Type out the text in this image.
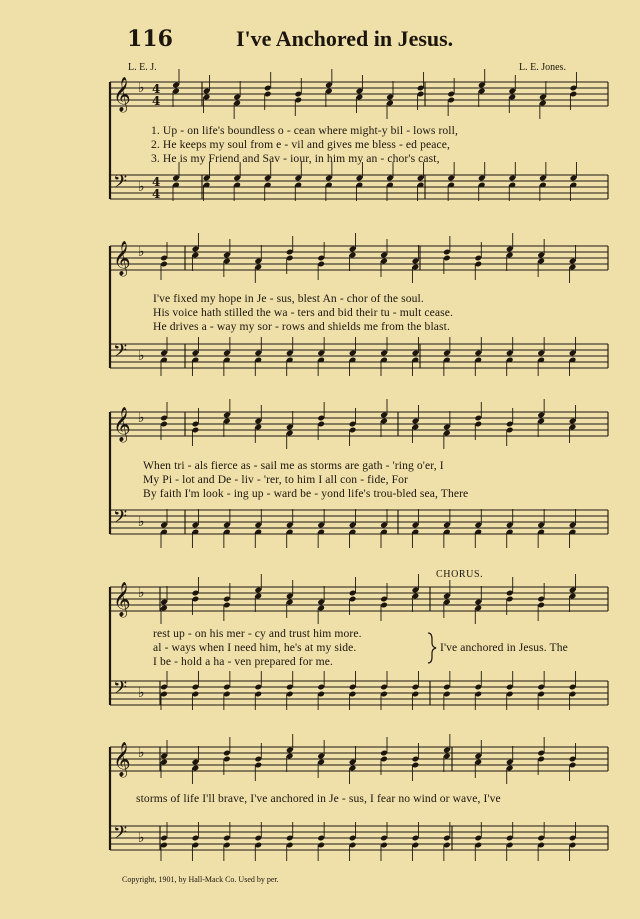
116	I've Anchored in Jesus.
L. E. J.	L. E. Jones.
1. Up - on life's boundless o - cean where might-y bil - lows roll,
2. He keeps my soul from e - vil and gives me bless - ed peace,
3. He is my Friend and Sav - iour, in him my an - chor's cast,
I've fixed my hope in Je - sus, blest An - chor of the soul.
His voice hath stilled the wa - ters and bid their tu - mult cease.
He drives a - way my sor - rows and shields me from the blast.
When tri - als fierce as - sail me as storms are gath - 'ring o'er, I
My Pi - lot and De - liv - 'rer, to him I all con - fide, For
By faith I'm look - ing up - ward be - yond life's trou-bled sea, There
CHORUS.
rest up - on his mer - cy and trust him more.
al - ways when I need him, he's at my side.
I be - hold a ha - ven prepared for me.
I've anchored in Jesus. The
storms of life I'll brave, I've anchored in Je - sus, I fear no wind or wave, I've
Copyright, 1901, by Hall-Mack Co. Used by per.
𝄞 ♭ 4
4
𝄢 ♭ 4
4
𝄞 ♭
𝄢 ♭
𝄞 ♭
𝄢 ♭
𝄞 ♭
𝄢 ♭
𝄞 ♭
𝄢 ♭
